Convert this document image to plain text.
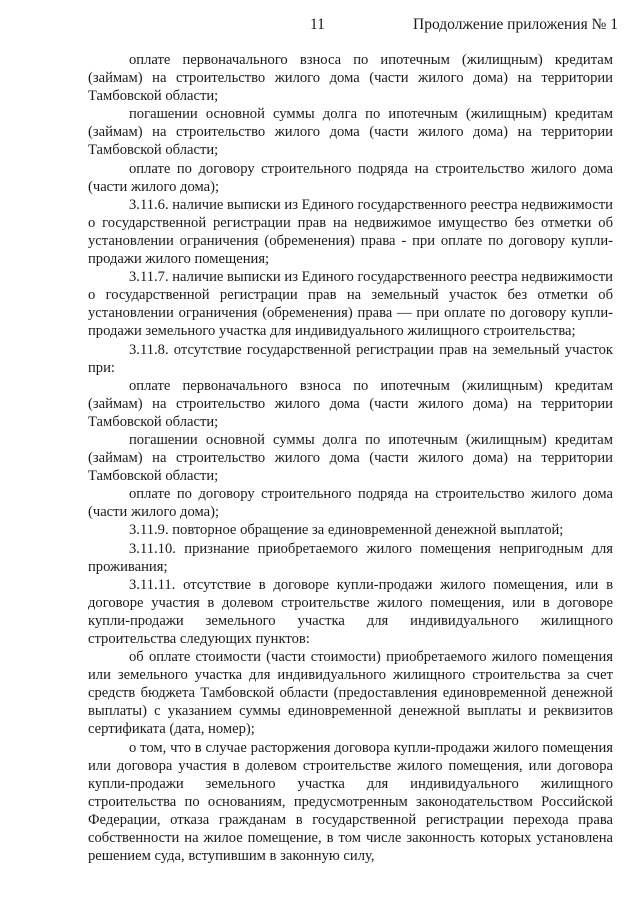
11	Продолжение приложения № 1

оплате первоначального взноса по ипотечным (жилищным) кредитам (займам) на строительство жилого дома (части жилого дома) на территории Тамбовской области;

погашении основной суммы долга по ипотечным (жилищным) кредитам (займам) на строительство жилого дома (части жилого дома) на территории Тамбовской области;

оплате по договору строительного подряда на строительство жилого дома (части жилого дома);

3.11.6. наличие выписки из Единого государственного реестра недвижимости о государственной регистрации прав на недвижимое имущество без отметки об установлении ограничения (обременения) права - при оплате по договору купли-продажи жилого помещения;

3.11.7. наличие выписки из Единого государственного реестра недвижимости о государственной регистрации прав на земельный участок без отметки об установлении ограничения (обременения) права — при оплате по договору купли-продажи земельного участка для индивидуального жилищного строительства;

3.11.8. отсутствие государственной регистрации прав на земельный участок при:

оплате первоначального взноса по ипотечным (жилищным) кредитам (займам) на строительство жилого дома (части жилого дома) на территории Тамбовской области;

погашении основной суммы долга по ипотечным (жилищным) кредитам (займам) на строительство жилого дома (части жилого дома) на территории Тамбовской области;

оплате по договору строительного подряда на строительство жилого дома (части жилого дома);

3.11.9. повторное обращение за единовременной денежной выплатой;

3.11.10. признание приобретаемого жилого помещения непригодным для проживания;

3.11.11. отсутствие в договоре купли-продажи жилого помещения, или в договоре участия в долевом строительстве жилого помещения, или в договоре купли-продажи земельного участка для индивидуального жилищного строительства следующих пунктов:

об оплате стоимости (части стоимости) приобретаемого жилого помещения или земельного участка для индивидуального жилищного строительства за счет средств бюджета Тамбовской области (предоставления единовременной денежной выплаты) с указанием суммы единовременной денежной выплаты и реквизитов сертификата (дата, номер);

о том, что в случае расторжения договора купли-продажи жилого помещения или договора участия в долевом строительстве жилого помещения, или договора купли-продажи земельного участка для индивидуального жилищного строительства по основаниям, предусмотренным законодательством Российской Федерации, отказа гражданам в государственной регистрации перехода права собственности на жилое помещение, в том числе законность которых установлена решением суда, вступившим в законную силу,
